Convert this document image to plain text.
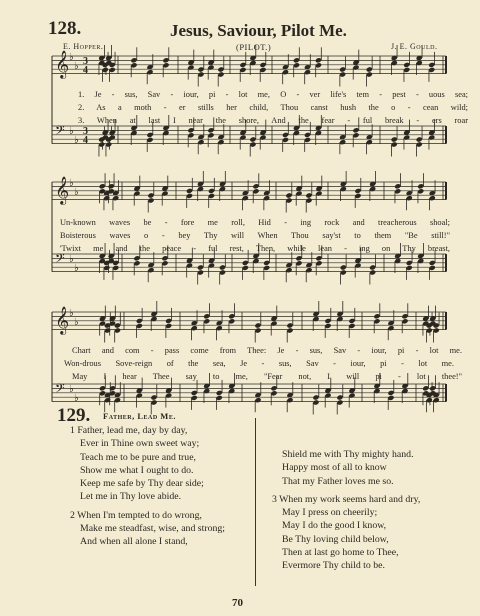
128.	Jesus, Saviour, Pilot Me.
E. Hopper.	(PILOT.)	J. E. Gould.
𝄞 ♭
♭ 3
4
𝄢 ♭
♭
3
4
𝄞 ♭
♭
𝄢 ♭
♭
𝄞 ♭
♭
𝄢 ♭
♭
1. Je - sus, Sav - iour, pi - lot me, O - ver life's tem - pest - uous sea;
2. As a moth - er stills her child, Thou canst hush the o - cean wild;
3. When at last I near the shore, And the fear - ful break - ers roar
Un-known waves be - fore me roll, Hid - ing rock and treacherous shoal;
Boisterous waves o - bey Thy will When Thou say'st to them "Be still!"
'Twixt me and the peace - ful rest, Then, while lean - ing on Thy breast,
Chart and com - pass come from Thee: Je - sus, Sav - iour, pi - lot me.
Won-drous Sove-reign of the sea, Je - sus, Sav - iour, pi - lot me.
May I hear Thee say to me, "Fear not, I will pi - lot thee!"
129. Father, Lead Me.
1 Father, lead me, day by day,
Ever in Thine own sweet way;
Teach me to be pure and true,
Show me what I ought to do.
Keep me safe by Thy dear side;
Let me in Thy love abide.
2 When I'm tempted to do wrong,
Make me steadfast, wise, and strong;
And when all alone I stand,
Shield me with Thy mighty hand.
Happy most of all to know
That my Father loves me so.
3 When my work seems hard and dry,
May I press on cheerily;
May I do the good I know,
Be Thy loving child below,
Then at last go home to Thee,
Evermore Thy child to be.
70
